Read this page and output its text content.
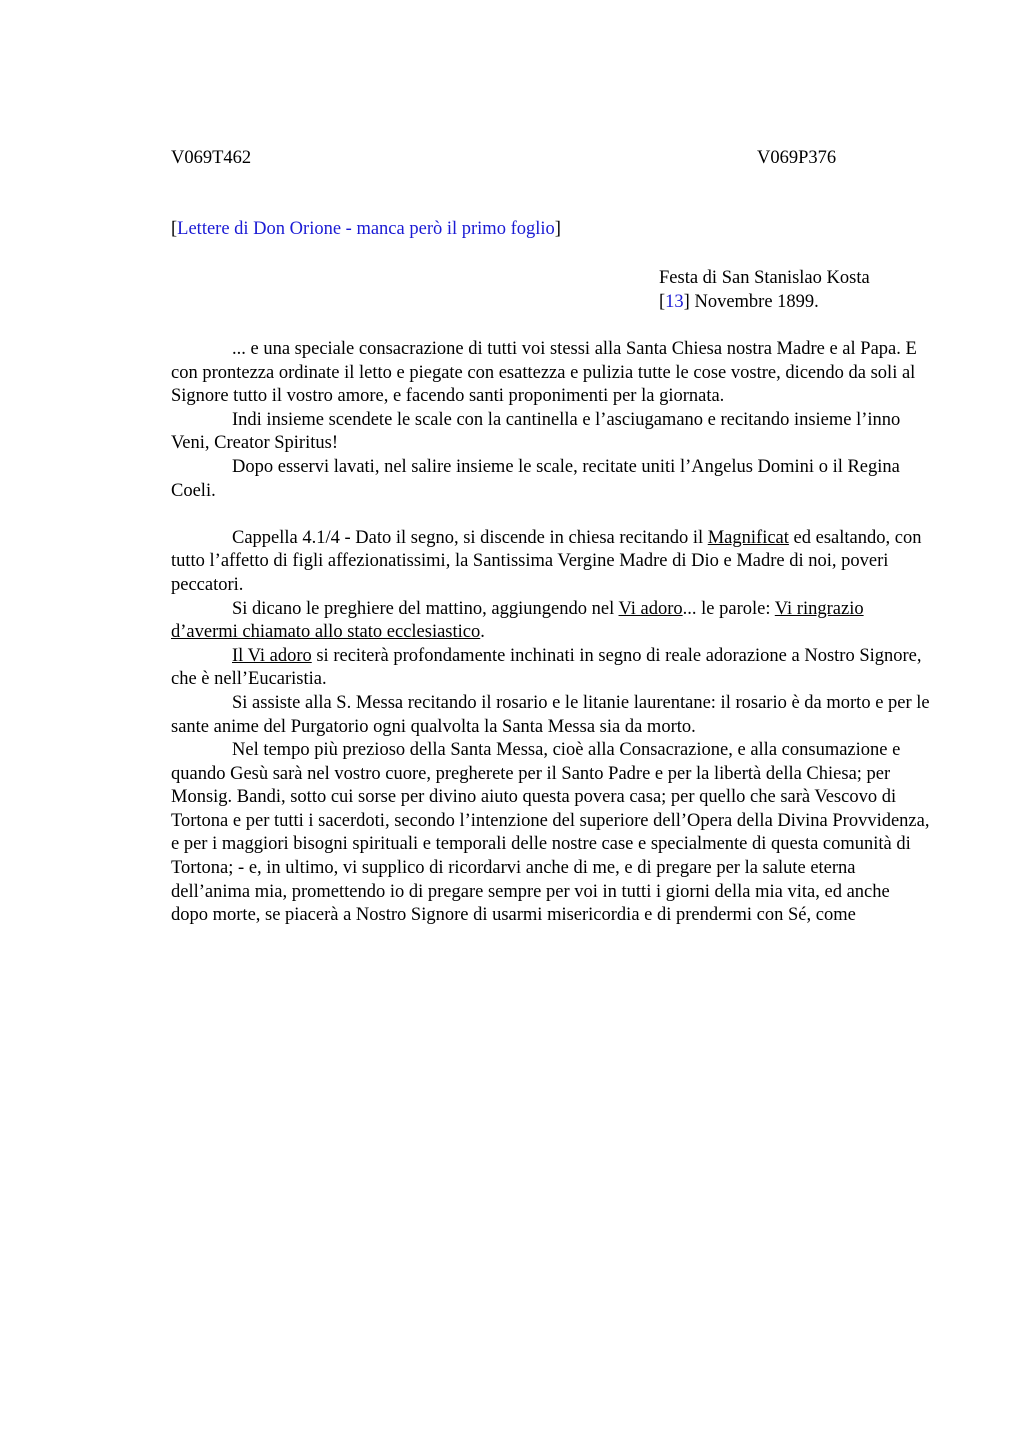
V069T462	V069P376
[Lettere di Don Orione - manca però il primo foglio]
Festa di San Stanislao Kosta
[13] Novembre 1899.

... e una speciale consacrazione di tutti voi stessi alla Santa Chiesa nostra Madre e al Papa. E con prontezza ordinate il letto e piegate con esattezza e pulizia tutte le cose vostre, dicendo da soli al Signore tutto il vostro amore, e facendo santi proponimenti per la giornata.

Indi insieme scendete le scale con la cantinella e l’asciugamano e recitando insieme l’inno Veni, Creator Spiritus!

Dopo esservi lavati, nel salire insieme le scale, recitate uniti l’Angelus Domini o il Regina Coeli.

Cappella 4.1/4 - Dato il segno, si discende in chiesa recitando il Magnificat ed esaltando, con tutto l’affetto di figli affezionatissimi, la Santissima Vergine Madre di Dio e Madre di noi, poveri peccatori.

Si dicano le preghiere del mattino, aggiungendo nel Vi adoro... le parole: Vi ringrazio d’avermi chiamato allo stato ecclesiastico.

Il Vi adoro si reciterà profondamente inchinati in segno di reale adorazione a Nostro Signore, che è nell’Eucaristia.

Si assiste alla S. Messa recitando il rosario e le litanie laurentane: il rosario è da morto e per le sante anime del Purgatorio ogni qualvolta la Santa Messa sia da morto.

Nel tempo più prezioso della Santa Messa, cioè alla Consacrazione, e alla consumazione e quando Gesù sarà nel vostro cuore, pregherete per il Santo Padre e per la libertà della Chiesa; per Monsig. Bandi, sotto cui sorse per divino aiuto questa povera casa; per quello che sarà Vescovo di Tortona e per tutti i sacerdoti, secondo l’intenzione del superiore dell’Opera della Divina Provvidenza, e per i maggiori bisogni spirituali e temporali delle nostre case e specialmente di questa comunità di Tortona; - e, in ultimo, vi supplico di ricordarvi anche di me, e di pregare per la salute eterna dell’anima mia, promettendo io di pregare sempre per voi in tutti i giorni della mia vita, ed anche dopo morte, se piacerà a Nostro Signore di usarmi misericordia e di prendermi con Sé, come
